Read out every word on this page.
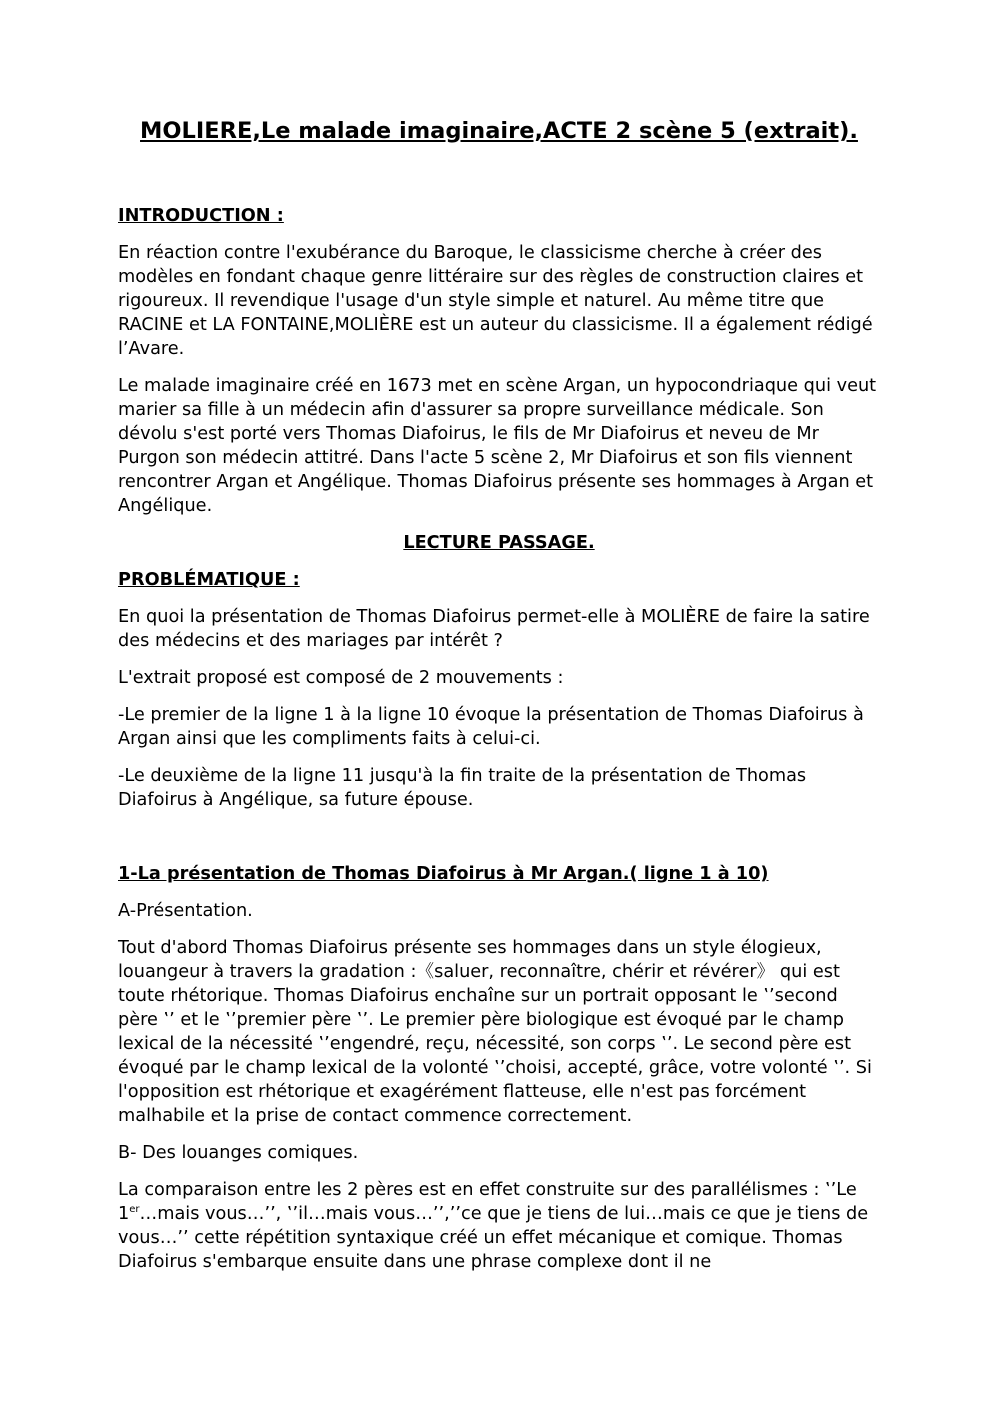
MOLIERE,Le malade imaginaire,ACTE 2 scène 5 (extrait).

INTRODUCTION :

En réaction contre l'exubérance du Baroque, le classicisme cherche à créer des modèles en fondant chaque genre littéraire sur des règles de construction claires et rigoureux. Il revendique l'usage d'un style simple et naturel. Au même titre que RACINE et LA FONTAINE,MOLIÈRE est un auteur du classicisme. Il a également rédigé l’Avare.

Le malade imaginaire créé en 1673 met en scène Argan, un hypocondriaque qui veut marier sa fille à un médecin afin d'assurer sa propre surveillance médicale. Son dévolu s'est porté vers Thomas Diafoirus, le fils de Mr Diafoirus et neveu de Mr Purgon son médecin attitré. Dans l'acte 5 scène 2, Mr Diafoirus et son fils viennent rencontrer Argan et Angélique. Thomas Diafoirus présente ses hommages à Argan et Angélique.

LECTURE PASSAGE.

PROBLÉMATIQUE :

En quoi la présentation de Thomas Diafoirus permet-elle à MOLIÈRE de faire la satire des médecins et des mariages par intérêt ?

L'extrait proposé est composé de 2 mouvements :

-Le premier de la ligne 1 à la ligne 10 évoque la présentation de Thomas Diafoirus à Argan ainsi que les compliments faits à celui-ci.

-Le deuxième de la ligne 11 jusqu'à la fin traite de la présentation de Thomas Diafoirus à Angélique, sa future épouse.

1-La présentation de Thomas Diafoirus à Mr Argan.( ligne 1 à 10)

A-Présentation.

Tout d'abord Thomas Diafoirus présente ses hommages dans un style élogieux, louangeur à travers la gradation :《saluer, reconnaître, chérir et révérer》 qui est toute rhétorique. Thomas Diafoirus enchaîne sur un portrait opposant le ‛’second père ‛’ et le ‛’premier père ‛’. Le premier père biologique est évoqué par le champ lexical de la nécessité ‛’engendré, reçu, nécessité, son corps ‛’. Le second père est évoqué par le champ lexical de la volonté ‛’choisi, accepté, grâce, votre volonté ‛’. Si l'opposition est rhétorique et exagérément flatteuse, elle n'est pas forcément malhabile et la prise de contact commence correctement.

B- Des louanges comiques.

La comparaison entre les 2 pères est en effet construite sur des parallélismes : ‛’Le 1er…mais vous…’’, ‛’il…mais vous…’’,’’ce que je tiens de lui…mais ce que je tiens de vous…’’ cette répétition syntaxique créé un effet mécanique et comique. Thomas Diafoirus s'embarque ensuite dans une phrase complexe dont il ne
